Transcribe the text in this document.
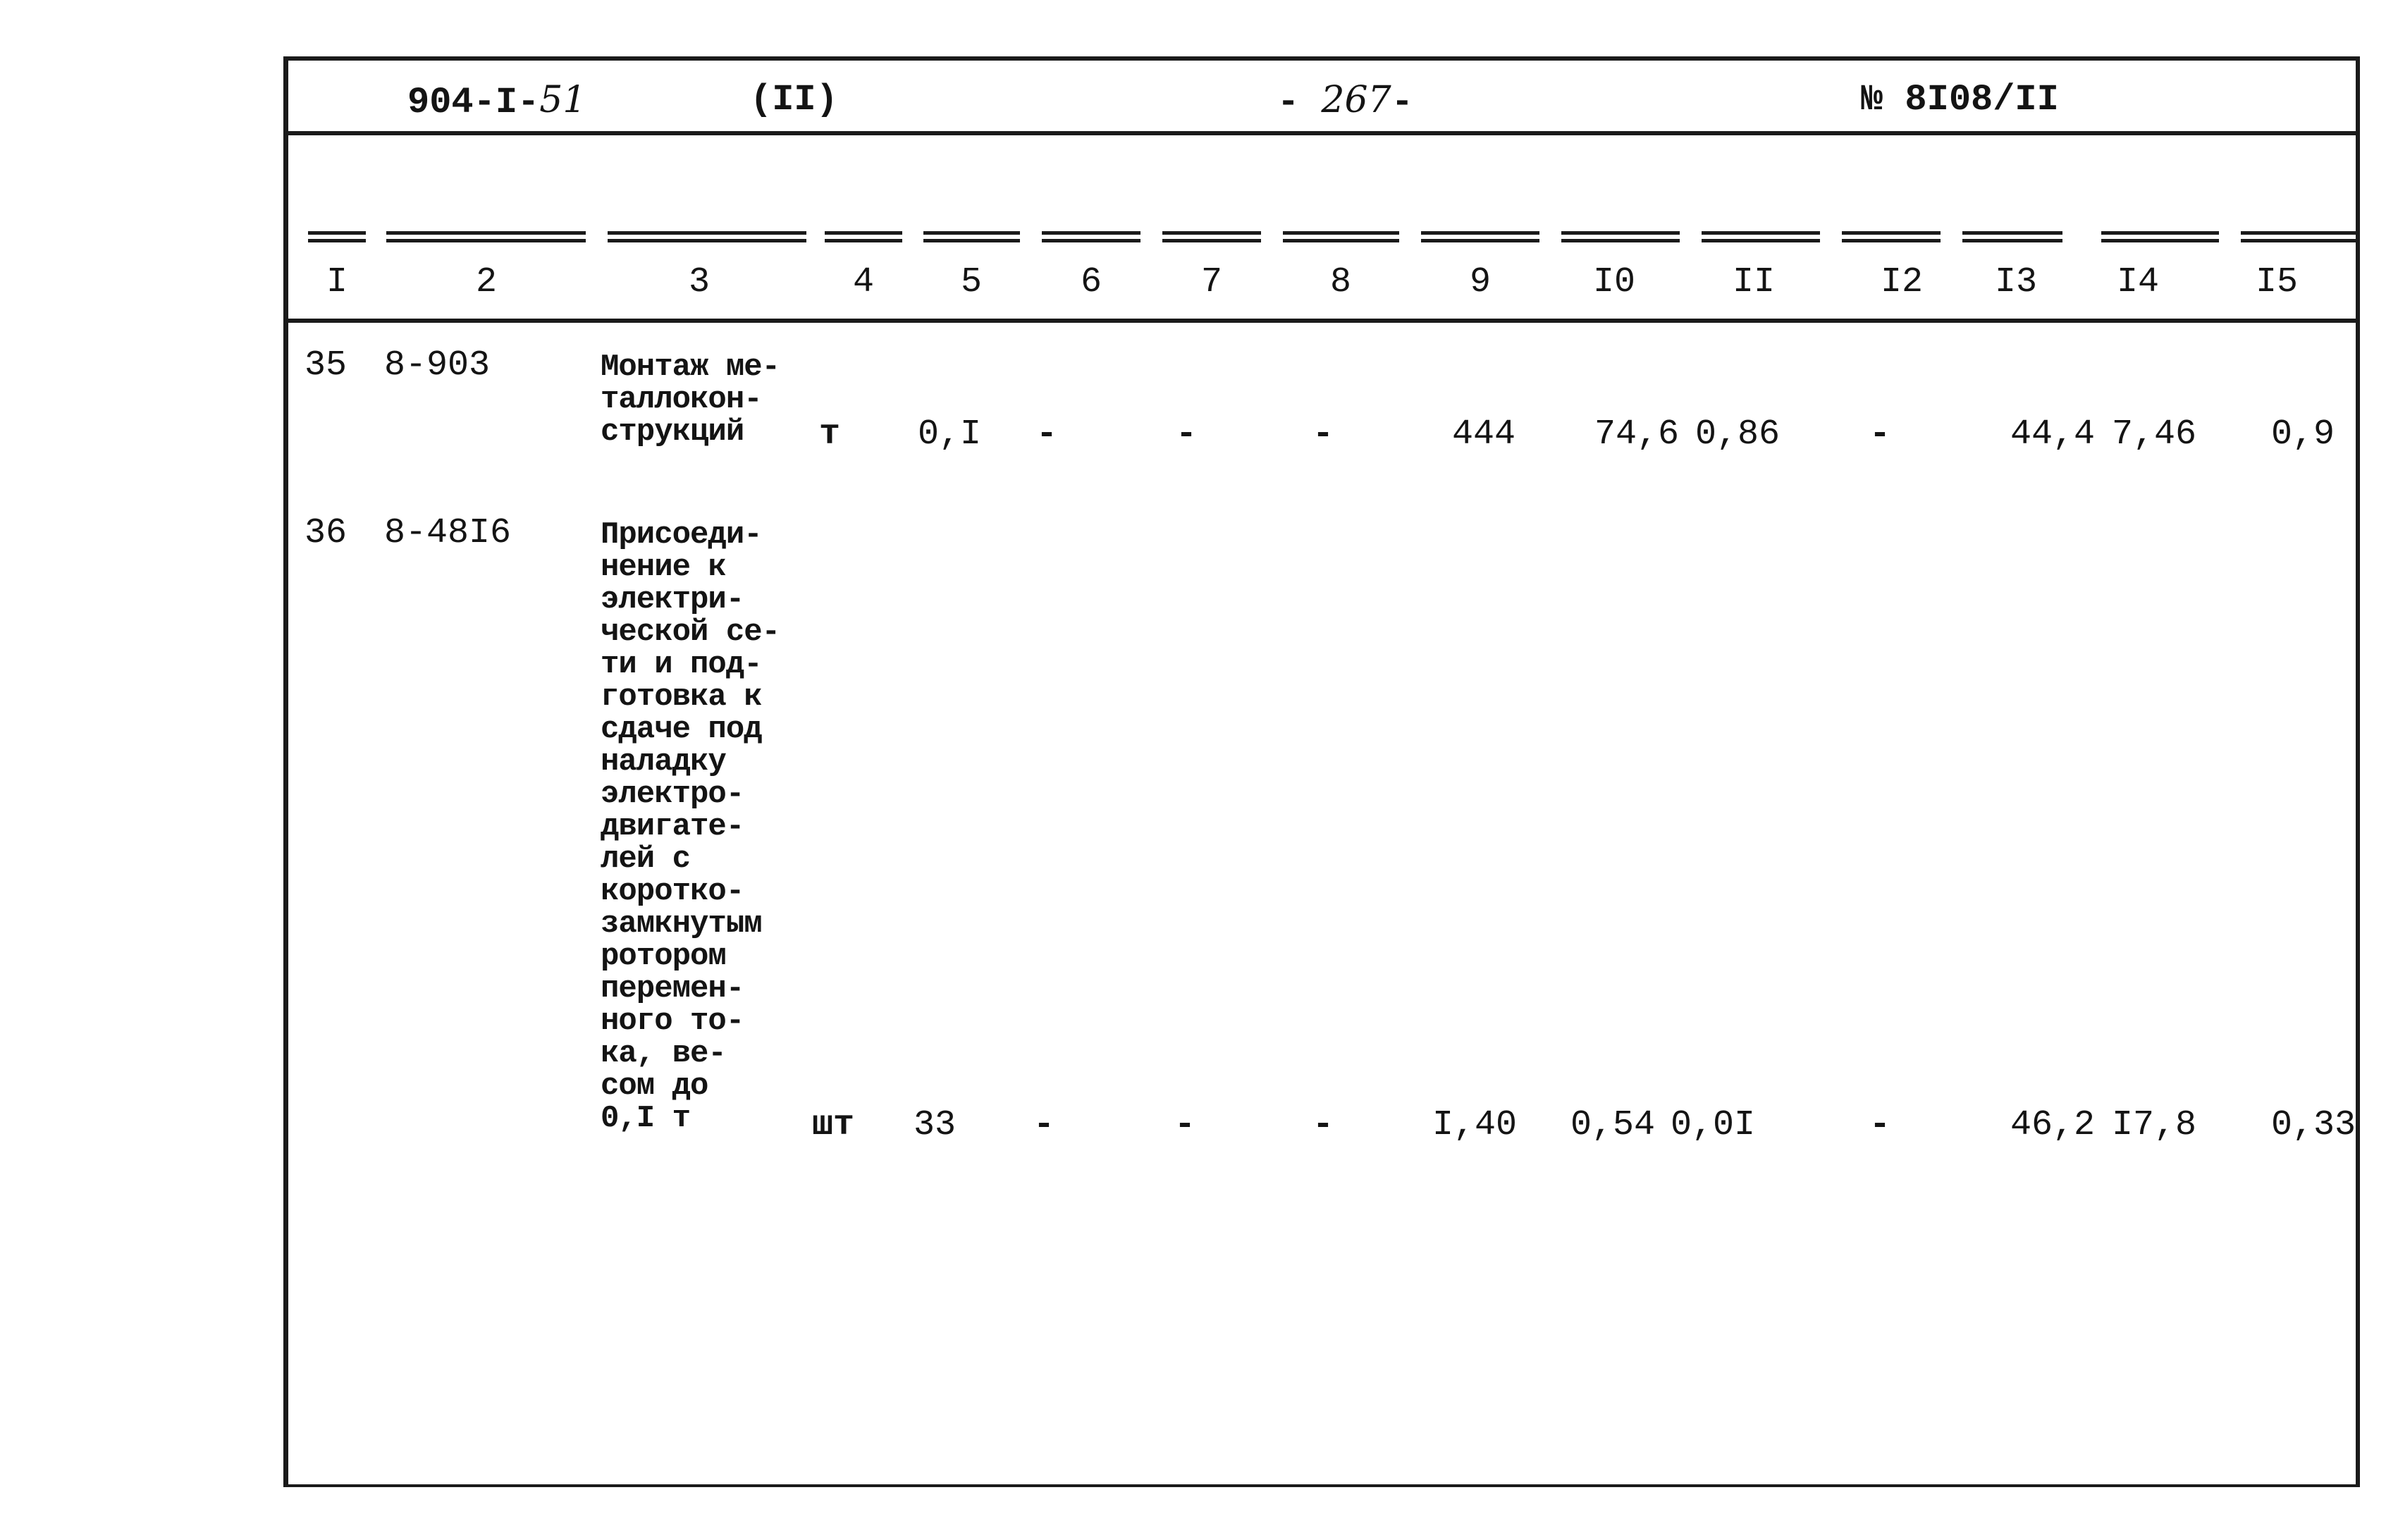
904-I-51	(II)	- 267-	№ 8I08/II
I	2	3	4	5	6	7	8	9	I0	II	I2	I3	I4	I5
35 8-903	Монтаж ме-
таллокон-
струкций	т 0,I -	-	-	444 74,6 0,86	-	44,4 7,46 0,9
36 8-48I6	Присоеди-
нение к
электри-
ческой се-
ти и под-
готовка к
сдаче под
наладку
электро-
двигате-
лей с
коротко-
замкнутым
ротором
перемен-
ного то-
ка, ве-
сом до
0,I т	шт 33 -	-	-	I,40 0,54 0,0I	-	46,2 I7,8 0,33
